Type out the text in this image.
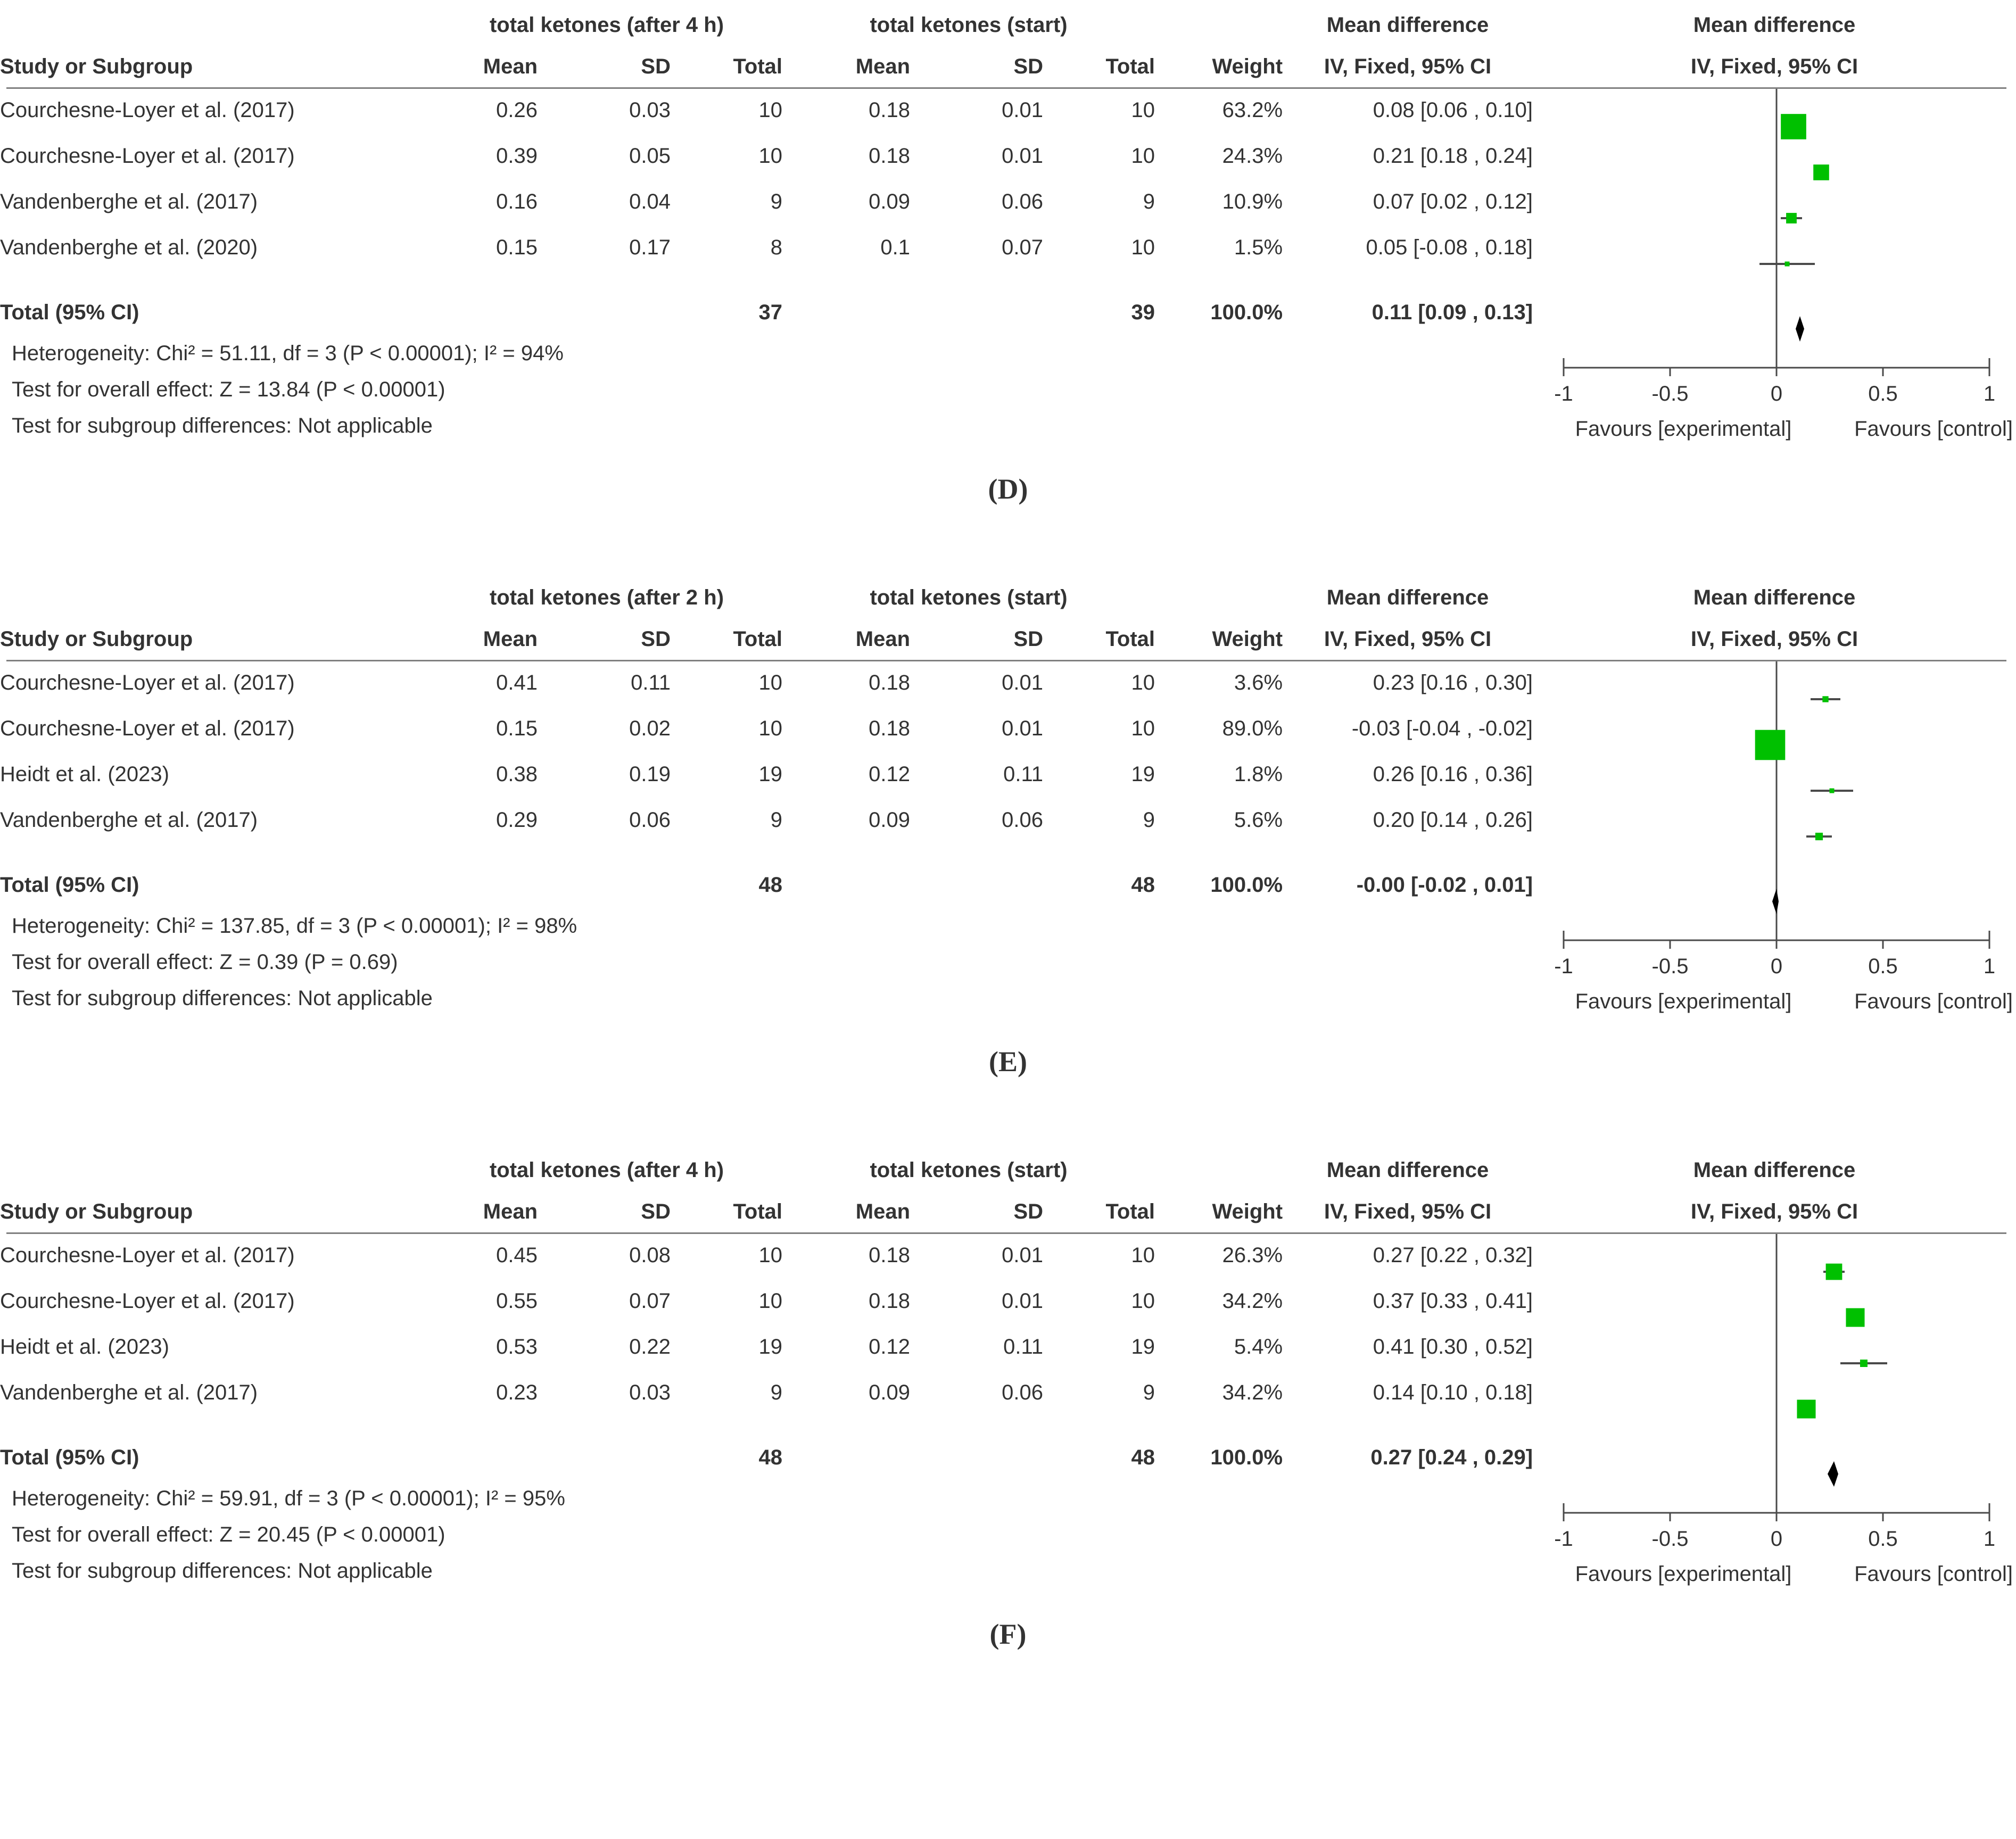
Mean difference
IV, Fixed, 95% CI
	total ketones (after 4 h)			total ketones (start)				Mean difference
Study or Subgroup	Mean	SD	Total	Mean	SD	Total	Weight	IV, Fixed, 95% CI
Courchesne-Loyer et al. (2017)	0.26	0.03	10	0.18	0.01	10	63.2%	0.08 [0.06 , 0.10]
Courchesne-Loyer et al. (2017)	0.39	0.05	10	0.18	0.01	10	24.3%	0.21 [0.18 , 0.24]
Vandenberghe et al. (2017)	0.16	0.04	9	0.09	0.06	9	10.9%	0.07 [0.02 , 0.12]
Vandenberghe et al. (2020)	0.15	0.17	8	0.1	0.07	10	1.5%	0.05 [-0.08 , 0.18]

Total (95% CI)			37			39	100.0%	0.11 [0.09 , 0.13]
Heterogeneity: Chi² = 51.11, df = 3 (P < 0.00001); I² = 94%
Test for overall effect: Z = 13.84 (P < 0.00001)
Test for subgroup differences: Not applicable
-1	-0.5	0	0.5	1
Favours [experimental]	Favours [control]
(D)
Mean difference
IV, Fixed, 95% CI
	total ketones (after 2 h)			total ketones (start)				Mean difference
Study or Subgroup	Mean	SD	Total	Mean	SD	Total	Weight	IV, Fixed, 95% CI
Courchesne-Loyer et al. (2017)	0.41	0.11	10	0.18	0.01	10	3.6%	0.23 [0.16 , 0.30]
Courchesne-Loyer et al. (2017)	0.15	0.02	10	0.18	0.01	10	89.0%	-0.03 [-0.04 , -0.02]
Heidt et al. (2023)	0.38	0.19	19	0.12	0.11	19	1.8%	0.26 [0.16 , 0.36]
Vandenberghe et al. (2017)	0.29	0.06	9	0.09	0.06	9	5.6%	0.20 [0.14 , 0.26]

Total (95% CI)			48			48	100.0%	-0.00 [-0.02 , 0.01]
Heterogeneity: Chi² = 137.85, df = 3 (P < 0.00001); I² = 98%
Test for overall effect: Z = 0.39 (P = 0.69)
Test for subgroup differences: Not applicable
-1	-0.5	0	0.5	1
Favours [experimental]	Favours [control]
(E)
Mean difference
IV, Fixed, 95% CI
	total ketones (after 4 h)			total ketones (start)				Mean difference
Study or Subgroup	Mean	SD	Total	Mean	SD	Total	Weight	IV, Fixed, 95% CI
Courchesne-Loyer et al. (2017)	0.45	0.08	10	0.18	0.01	10	26.3%	0.27 [0.22 , 0.32]
Courchesne-Loyer et al. (2017)	0.55	0.07	10	0.18	0.01	10	34.2%	0.37 [0.33 , 0.41]
Heidt et al. (2023)	0.53	0.22	19	0.12	0.11	19	5.4%	0.41 [0.30 , 0.52]
Vandenberghe et al. (2017)	0.23	0.03	9	0.09	0.06	9	34.2%	0.14 [0.10 , 0.18]

Total (95% CI)			48			48	100.0%	0.27 [0.24 , 0.29]
Heterogeneity: Chi² = 59.91, df = 3 (P < 0.00001); I² = 95%
Test for overall effect: Z = 20.45 (P < 0.00001)
Test for subgroup differences: Not applicable
-1	-0.5	0	0.5	1
Favours [experimental]	Favours [control]
(F)
